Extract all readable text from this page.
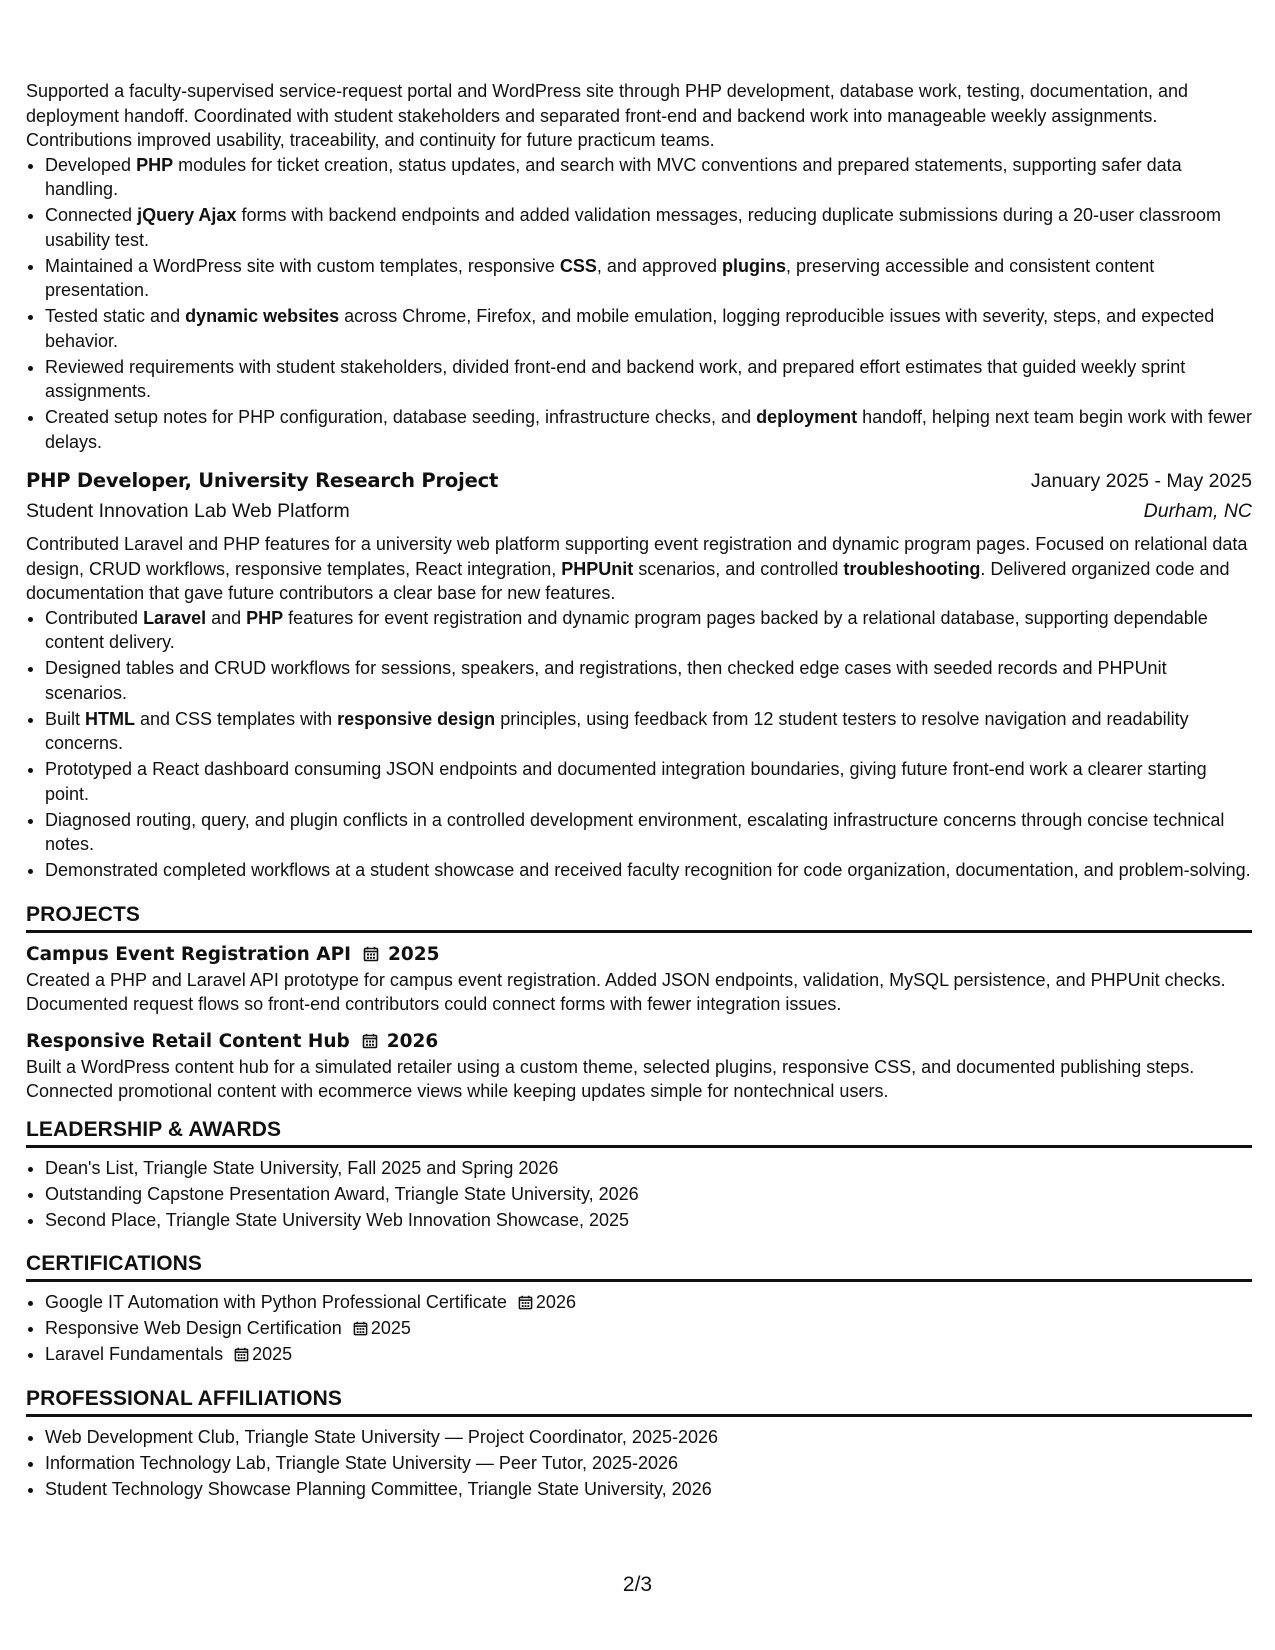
Supported a faculty-supervised service-request portal and WordPress site through PHP development, database work, testing, documentation, and deployment handoff. Coordinated with student stakeholders and separated front-end and backend work into manageable weekly assignments. Contributions improved usability, traceability, and continuity for future practicum teams.

• Developed PHP modules for ticket creation, status updates, and search with MVC conventions and prepared statements, supporting safer data handling.
• Connected jQuery Ajax forms with backend endpoints and added validation messages, reducing duplicate submissions during a 20-user classroom usability test.
• Maintained a WordPress site with custom templates, responsive CSS, and approved plugins, preserving accessible and consistent content presentation.
• Tested static and dynamic websites across Chrome, Firefox, and mobile emulation, logging reproducible issues with severity, steps, and expected behavior.
• Reviewed requirements with student stakeholders, divided front-end and backend work, and prepared effort estimates that guided weekly sprint assignments.
• Created setup notes for PHP configuration, database seeding, infrastructure checks, and deployment handoff, helping next team begin work with fewer delays.
PHP Developer, University Research Project	January 2025 - May 2025
Student Innovation Lab Web Platform	Durham, NC

Contributed Laravel and PHP features for a university web platform supporting event registration and dynamic program pages. Focused on relational data design, CRUD workflows, responsive templates, React integration, PHPUnit scenarios, and controlled troubleshooting. Delivered organized code and documentation that gave future contributors a clear base for new features.

• Contributed Laravel and PHP features for event registration and dynamic program pages backed by a relational database, supporting dependable content delivery.
• Designed tables and CRUD workflows for sessions, speakers, and registrations, then checked edge cases with seeded records and PHPUnit scenarios.
• Built HTML and CSS templates with responsive design principles, using feedback from 12 student testers to resolve navigation and readability concerns.
• Prototyped a React dashboard consuming JSON endpoints and documented integration boundaries, giving future front-end work a clearer starting point.
• Diagnosed routing, query, and plugin conflicts in a controlled development environment, escalating infrastructure concerns through concise technical notes.
• Demonstrated completed workflows at a student showcase and received faculty recognition for code organization, documentation, and problem-solving.
PROJECTS
Campus Event Registration API 2025

Created a PHP and Laravel API prototype for campus event registration. Added JSON endpoints, validation, MySQL persistence, and PHPUnit checks. Documented request flows so front-end contributors could connect forms with fewer integration issues.

Responsive Retail Content Hub 2026

Built a WordPress content hub for a simulated retailer using a custom theme, selected plugins, responsive CSS, and documented publishing steps. Connected promotional content with ecommerce views while keeping updates simple for nontechnical users.

LEADERSHIP & AWARDS
• Dean's List, Triangle State University, Fall 2025 and Spring 2026
• Outstanding Capstone Presentation Award, Triangle State University, 2026
• Second Place, Triangle State University Web Innovation Showcase, 2025
CERTIFICATIONS
• Google IT Automation with Python Professional Certificate 2026
• Responsive Web Design Certification 2025
• Laravel Fundamentals 2025
PROFESSIONAL AFFILIATIONS
• Web Development Club, Triangle State University — Project Coordinator, 2025-2026
• Information Technology Lab, Triangle State University — Peer Tutor, 2025-2026
• Student Technology Showcase Planning Committee, Triangle State University, 2026
2/3
